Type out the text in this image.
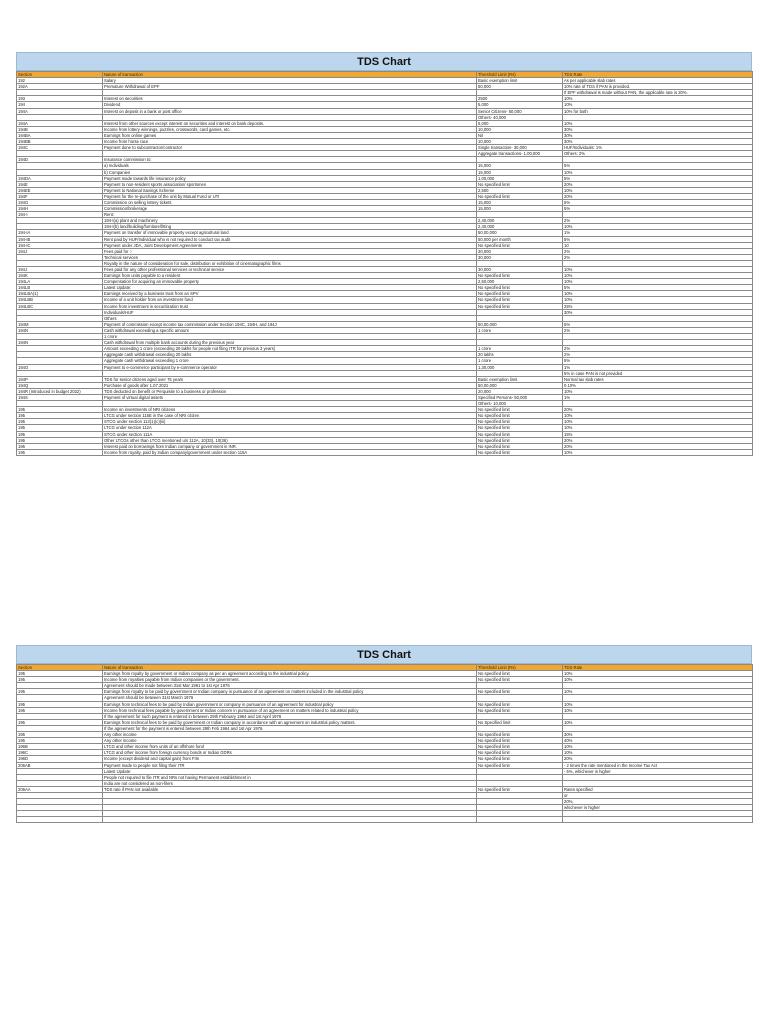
TDS Chart
Section	Nature of transaction	Threshold Limit (Rs)	TDS Rate
192	Salary	Basic exemption limit	As per applicable slab rates
192A	Premature Withdrawal of EPF	50,000	10% rate of TDS if PAN is provided.
			If EPF withdrawal is made without PAN, the applicable rate is 20%.
193	Interest on securities	2500	10%
194	Dividend	5,000	10%
194A	Interest on deposit in a bank or post office	Senior Citizens- 50,000	10% for both
		Others- 40,000	
194A	Interest from other sources except interest on securities and interest on bank deposits.	5,000	10%
194B	Income from lottery winnings, puzzles, crosswords, card games, etc.	10,000	30%
194BA	Earnings from online games	Nil	30%
194BB	Income from horse race	10,000	30%
194C	Payment done to subcontractor/contractor	Single transaction- 30,000	HUF/Individuals: 1%
		Aggregate transactions- 1,00,000	Others: 2%
194D	Insurance commission to:		
	a) Individuals	15,000	5%
	b) Companies	15,000	10%
194DA	Payment made towards life insurance policy	1,00,000	5%
194E	Payment to non-resident sports association/ sportsmen	No specified limit	20%
194EE	Payment to National Savings Scheme	2,500	10%
194F	Payment for the re-purchase of the unit by Mutual Fund or UTI	No specified limit	20%
194G	Commission on selling lottery tickets	15,000	5%
194H	Commission/brokerage	15,000	5%
194-I	Rent:		
	194-I(a) plant and machinery	2,40,000	2%
	194-I(b) land/building/furniture/fitting	2,40,000	10%
194-IA	Payment on transfer of immovable property except agricultural land	50,00,000	1%
194-IB	Rent paid by HUF/Individual who is not required to conduct tax audit	50,000 per month	5%
194-IC	Payment under JDA, Joint Development Agreements	No specified limit	10
194J	Fees paid for :-	30,000	2%
	Technical services	30,000	2%
	Royalty in the nature of consideration for sale, distribution or exhibition of cinematographic films		
194J	Fees paid for any other professional services or technical service	30,000	10%
194K	Earnings from units payable to a resident	No specified limit	10%
194LA	Compensation for acquiring an immovable property	2,50,000	10%
194LB	Latest Update:	No specified limit	5%
194LBA(1)	Earnings received by a business trust from an SPV	No specified limit	10%
194LBB	Income of a unit holder from an investment fund	No specified limit	10%
194LBC	Income from investment in securitization trust	No specified limit	25%
	Individuals/HUF		30%
	Others		
194M	Payment of commission except income tax commission under Section 194C, 194H, and 194J	50,00,000	5%
194N	Cash withdrawal exceeding a specific amount	1 crore	2%
	1 crore		
194N	Cash withdrawal from multiple bank accounts during the previous year		
	Amount exceeding 1 crore (exceeding 20 lakhs for people not filing ITR for previous 3 years)	1 crore	2%
	Aggregate cash withdrawal exceeding 20 lakhs	20 lakhs	2%
	Aggregate cash withdrawal exceeding 1 crore	1 crore	5%
194O	Payment to e-commerce participant by e-commerce operator	1,30,000	1%
			5% in case PAN is not provided
194P	TDS for senior citizens aged over 75 years	Basic exemption limit	Normal tax slab rates
194Q	Purchase of goods after 1.07.2021	50,00,000	0.10%
194R (Introduced in budget 2022)	TDS deducted on benefit or Perquisite to a business or profession	20,000	10%
194S	Payment of virtual digital assets	Specified Persons- 50,000	1%
		Others- 10,000	
195	Income on investments of NRI citizens	No specified limit	20%
195	LTCG under section 115E in the case of NRI citizen	No specified limit	10%
195	STCG under section 112(1)(c)(iii)	No specified limit	10%
195	LTCG under section 112A	No specified limit	10%
195	STCG under section 111A	No specified limit	15%
195	Other LTCGs other than LTCG mentioned u/s 112A, 10(33), 10(36)	No specified limit	20%
195	Interest paid on borrowings from Indian company or government in INR.	No specified limit	20%
195	Income from royalty, paid by Indian company/government under section 115A	No specified limit	10%
TDS Chart
Section	Nature of transaction	Threshold Limit (Rs)	TDS Rate
195	Earnings from royalty by government or Indian company as per an agreement according to the industrial policy.	No specified limit	10%
195	Income from royalties payable from Indian companies or the government.	No specified limit	10%
	Agreement should be made between 31st Mar 1961 to 1st Apr 1976		
195	Earnings from royalty to be paid by government or Indian company in pursuance of an agreement on matters included in the industrial policy	No specified limit	10%
	Agreement should be between 31st March 1976		
195	Earnings from technical fees to be paid by Indian government or company in pursuance of an agreement for industrial policy	No specified limit	10%
195	Income from technical fees payable by government or Indian concern in pursuance of an agreement on matters related to industrial policy	No specified limit	10%
	If the agreement for such payment is entered in between 29th February 1964 and 1st April 1976		
195	Earnings from technical fees to be paid by government or Indian company in accordance with an agreement on industrial policy matters.	No Specified limit	10%
	If the agreement for the payment is entered between 29th Feb 1964 and 1st Apr 1976.		
195	Any other income	No specified limit	30%
195	Any other income	No specified limit	40%
196B	LTCG and other income from units of an offshore fund	No specified limit	10%
196C	LTCG and other income from foreign currency bonds or Indian GDRs	No specified limit	10%
196D	Income (except dividend and capital gain) from FIIs	No specified limit	20%
206AB	Payment made to people not filing their ITR	No specified limit	- 2 times the rate mentioned in the Income Tax Act
	Latest Update:		- 5%, whichever is higher
	People not required to file ITR and NRs not having Permanent establishment in		
	India are not considered as non-filers		
206AA	TDS rate if PAN not available	No specified limit	Rates specified
			or
			20%,
			whichever is higher
